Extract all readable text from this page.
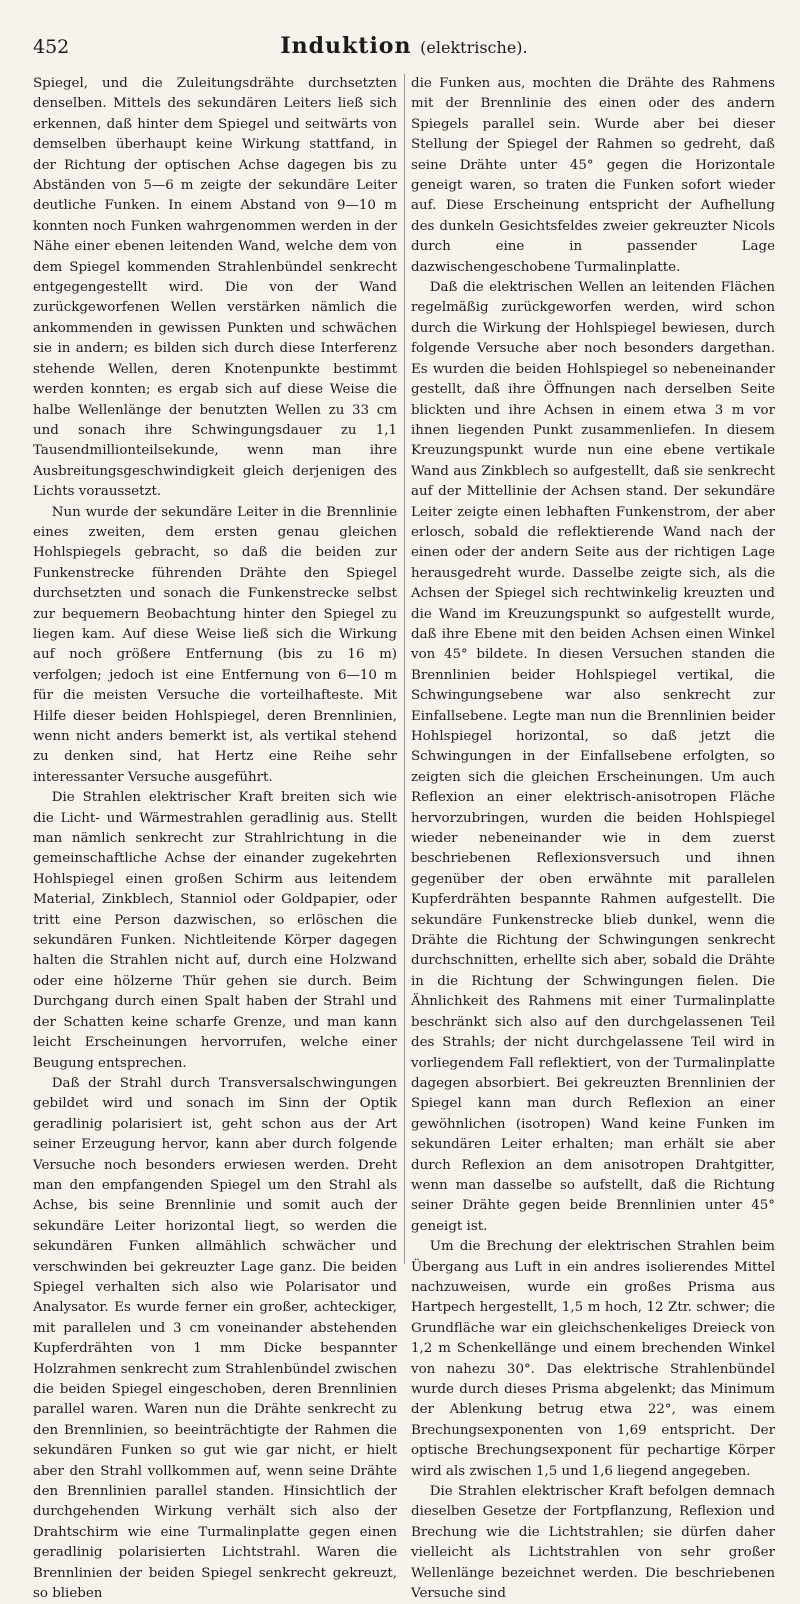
452	Induktion (elektrische).

Spiegel, und die Zuleitungsdrähte durchsetzten denselben. Mittels des sekundären Leiters ließ sich erkennen, daß hinter dem Spiegel und seitwärts von demselben überhaupt keine Wirkung stattfand, in der Richtung der optischen Achse dagegen bis zu Abständen von 5—6 m zeigte der sekundäre Leiter deutliche Funken. In einem Abstand von 9—10 m konnten noch Funken wahrgenommen werden in der Nähe einer ebenen leitenden Wand, welche dem von dem Spiegel kommenden Strahlenbündel senkrecht entgegengestellt wird. Die von der Wand zurückgeworfenen Wellen verstärken nämlich die ankommenden in gewissen Punkten und schwächen sie in andern; es bilden sich durch diese Interferenz stehende Wellen, deren Knotenpunkte bestimmt werden konnten; es ergab sich auf diese Weise die halbe Wellenlänge der benutzten Wellen zu 33 cm und sonach ihre Schwingungsdauer zu 1,1 Tausendmillionteilsekunde, wenn man ihre Ausbreitungsgeschwindigkeit gleich derjenigen des Lichts voraussetzt.

Nun wurde der sekundäre Leiter in die Brennlinie eines zweiten, dem ersten genau gleichen Hohlspiegels gebracht, so daß die beiden zur Funkenstrecke führenden Drähte den Spiegel durchsetzten und sonach die Funkenstrecke selbst zur bequemern Beobachtung hinter den Spiegel zu liegen kam. Auf diese Weise ließ sich die Wirkung auf noch größere Entfernung (bis zu 16 m) verfolgen; jedoch ist eine Entfernung von 6—10 m für die meisten Versuche die vorteilhafteste. Mit Hilfe dieser beiden Hohlspiegel, deren Brennlinien, wenn nicht anders bemerkt ist, als vertikal stehend zu denken sind, hat Hertz eine Reihe sehr interessanter Versuche ausgeführt.

Die Strahlen elektrischer Kraft breiten sich wie die Licht- und Wärmestrahlen geradlinig aus. Stellt man nämlich senkrecht zur Strahlrichtung in die gemeinschaftliche Achse der einander zugekehrten Hohlspiegel einen großen Schirm aus leitendem Material, Zinkblech, Stanniol oder Goldpapier, oder tritt eine Person dazwischen, so erlöschen die sekundären Funken. Nichtleitende Körper dagegen halten die Strahlen nicht auf, durch eine Holzwand oder eine hölzerne Thür gehen sie durch. Beim Durchgang durch einen Spalt haben der Strahl und der Schatten keine scharfe Grenze, und man kann leicht Erscheinungen hervorrufen, welche einer Beugung entsprechen.

Daß der Strahl durch Transversalschwingungen gebildet wird und sonach im Sinn der Optik geradlinig polarisiert ist, geht schon aus der Art seiner Erzeugung hervor, kann aber durch folgende Versuche noch besonders erwiesen werden. Dreht man den empfangenden Spiegel um den Strahl als Achse, bis seine Brennlinie und somit auch der sekundäre Leiter horizontal liegt, so werden die sekundären Funken allmählich schwächer und verschwinden bei gekreuzter Lage ganz. Die beiden Spiegel verhalten sich also wie Polarisator und Analysator. Es wurde ferner ein großer, achteckiger, mit parallelen und 3 cm voneinander abstehenden Kupferdrähten von 1 mm Dicke bespannter Holzrahmen senkrecht zum Strahlenbündel zwischen die beiden Spiegel eingeschoben, deren Brennlinien parallel waren. Waren nun die Drähte senkrecht zu den Brennlinien, so beeinträchtigte der Rahmen die sekundären Funken so gut wie gar nicht, er hielt aber den Strahl vollkommen auf, wenn seine Drähte den Brennlinien parallel standen. Hinsichtlich der durchgehenden Wirkung verhält sich also der Drahtschirm wie eine Turmalinplatte gegen einen geradlinig polarisierten Lichtstrahl. Waren die Brennlinien der beiden Spiegel senkrecht gekreuzt, so blieben

die Funken aus, mochten die Drähte des Rahmens mit der Brennlinie des einen oder des andern Spiegels parallel sein. Wurde aber bei dieser Stellung der Spiegel der Rahmen so gedreht, daß seine Drähte unter 45° gegen die Horizontale geneigt waren, so traten die Funken sofort wieder auf. Diese Erscheinung entspricht der Aufhellung des dunkeln Gesichtsfeldes zweier gekreuzter Nicols durch eine in passender Lage dazwischengeschobene Turmalinplatte.

Daß die elektrischen Wellen an leitenden Flächen regelmäßig zurückgeworfen werden, wird schon durch die Wirkung der Hohlspiegel bewiesen, durch folgende Versuche aber noch besonders dargethan. Es wurden die beiden Hohlspiegel so nebeneinander gestellt, daß ihre Öffnungen nach derselben Seite blickten und ihre Achsen in einem etwa 3 m vor ihnen liegenden Punkt zusammenliefen. In diesem Kreuzungspunkt wurde nun eine ebene vertikale Wand aus Zinkblech so aufgestellt, daß sie senkrecht auf der Mittellinie der Achsen stand. Der sekundäre Leiter zeigte einen lebhaften Funkenstrom, der aber erlosch, sobald die reflektierende Wand nach der einen oder der andern Seite aus der richtigen Lage herausgedreht wurde. Dasselbe zeigte sich, als die Achsen der Spiegel sich rechtwinkelig kreuzten und die Wand im Kreuzungspunkt so aufgestellt wurde, daß ihre Ebene mit den beiden Achsen einen Winkel von 45° bildete. In diesen Versuchen standen die Brennlinien beider Hohlspiegel vertikal, die Schwingungsebene war also senkrecht zur Einfallsebene. Legte man nun die Brennlinien beider Hohlspiegel horizontal, so daß jetzt die Schwingungen in der Einfallsebene erfolgten, so zeigten sich die gleichen Erscheinungen. Um auch Reflexion an einer elektrisch-anisotropen Fläche hervorzubringen, wurden die beiden Hohlspiegel wieder nebeneinander wie in dem zuerst beschriebenen Reflexionsversuch und ihnen gegenüber der oben erwähnte mit parallelen Kupferdrähten bespannte Rahmen aufgestellt. Die sekundäre Funkenstrecke blieb dunkel, wenn die Drähte die Richtung der Schwingungen senkrecht durchschnitten, erhellte sich aber, sobald die Drähte in die Richtung der Schwingungen fielen. Die Ähnlichkeit des Rahmens mit einer Turmalinplatte beschränkt sich also auf den durchgelassenen Teil des Strahls; der nicht durchgelassene Teil wird in vorliegendem Fall reflektiert, von der Turmalinplatte dagegen absorbiert. Bei gekreuzten Brennlinien der Spiegel kann man durch Reflexion an einer gewöhnlichen (isotropen) Wand keine Funken im sekundären Leiter erhalten; man erhält sie aber durch Reflexion an dem anisotropen Drahtgitter, wenn man dasselbe so aufstellt, daß die Richtung seiner Drähte gegen beide Brennlinien unter 45° geneigt ist.

Um die Brechung der elektrischen Strahlen beim Übergang aus Luft in ein andres isolierendes Mittel nachzuweisen, wurde ein großes Prisma aus Hartpech hergestellt, 1,5 m hoch, 12 Ztr. schwer; die Grundfläche war ein gleichschenkeliges Dreieck von 1,2 m Schenkellänge und einem brechenden Winkel von nahezu 30°. Das elektrische Strahlenbündel wurde durch dieses Prisma abgelenkt; das Minimum der Ablenkung betrug etwa 22°, was einem Brechungsexponenten von 1,69 entspricht. Der optische Brechungsexponent für pechartige Körper wird als zwischen 1,5 und 1,6 liegend angegeben.

Die Strahlen elektrischer Kraft befolgen demnach dieselben Gesetze der Fortpflanzung, Reflexion und Brechung wie die Lichtstrahlen; sie dürfen daher vielleicht als Lichtstrahlen von sehr großer Wellenlänge bezeichnet werden. Die beschriebenen Versuche sind
